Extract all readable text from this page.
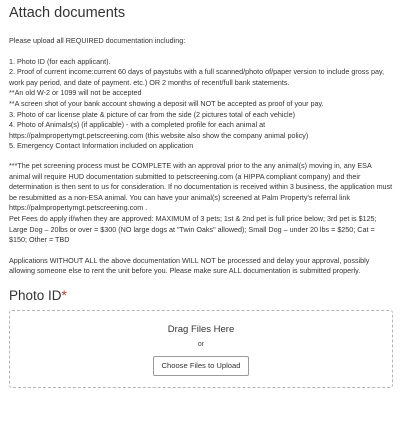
Attach documents
Please upload all REQUIRED documentation including:
1. Photo ID (for each applicant).
2. Proof of current income:current 60 days of paystubs with a full scanned/photo of/paper version to include gross pay, work pay period, and date of payment. etc.) OR 2 months of recent/full bank statements.
**An old W-2 or 1099 will not be accepted
**A screen shot of your bank account showing a deposit will NOT be accepted as proof of your pay.
3. Photo of car license plate & picture of car from the side (2 pictures total of each vehicle)
4. Photo of Animals(s) (if applicable) - with a completed profile for each animal at https://palmpropertymgt.petscreening.com (this website also show the company animal policy)
5. Emergency Contact Information included on application
***The pet screening process must be COMPLETE with an approval prior to the any animal(s) moving in, any ESA animal will require HUD documentation submitted to petscreening.com (a HIPPA compliant company) and their determination is then sent to us for consideration. If no documentation is received within 3 business, the application must be resubmitted as a non-ESA animal. You can have your animal(s) screened at Palm Property's referral link https://palmpropertymgt.petscreening.com .
Pet Fees do apply if/when they are approved: MAXIMUM of 3 pets; 1st & 2nd pet is full price below; 3rd pet is $125; Large Dog – 20lbs or over = $300 (NO large dogs at "Twin Oaks" allowed); Small Dog – under 20 lbs = $250; Cat = $150; Other = TBD
Applications WITHOUT ALL the above documentation WILL NOT be processed and delay your approval, possibly allowing someone else to rent the unit before you. Please make sure ALL documentation is submitted properly.
Photo ID*
Drag Files Here
or
Choose Files to Upload
